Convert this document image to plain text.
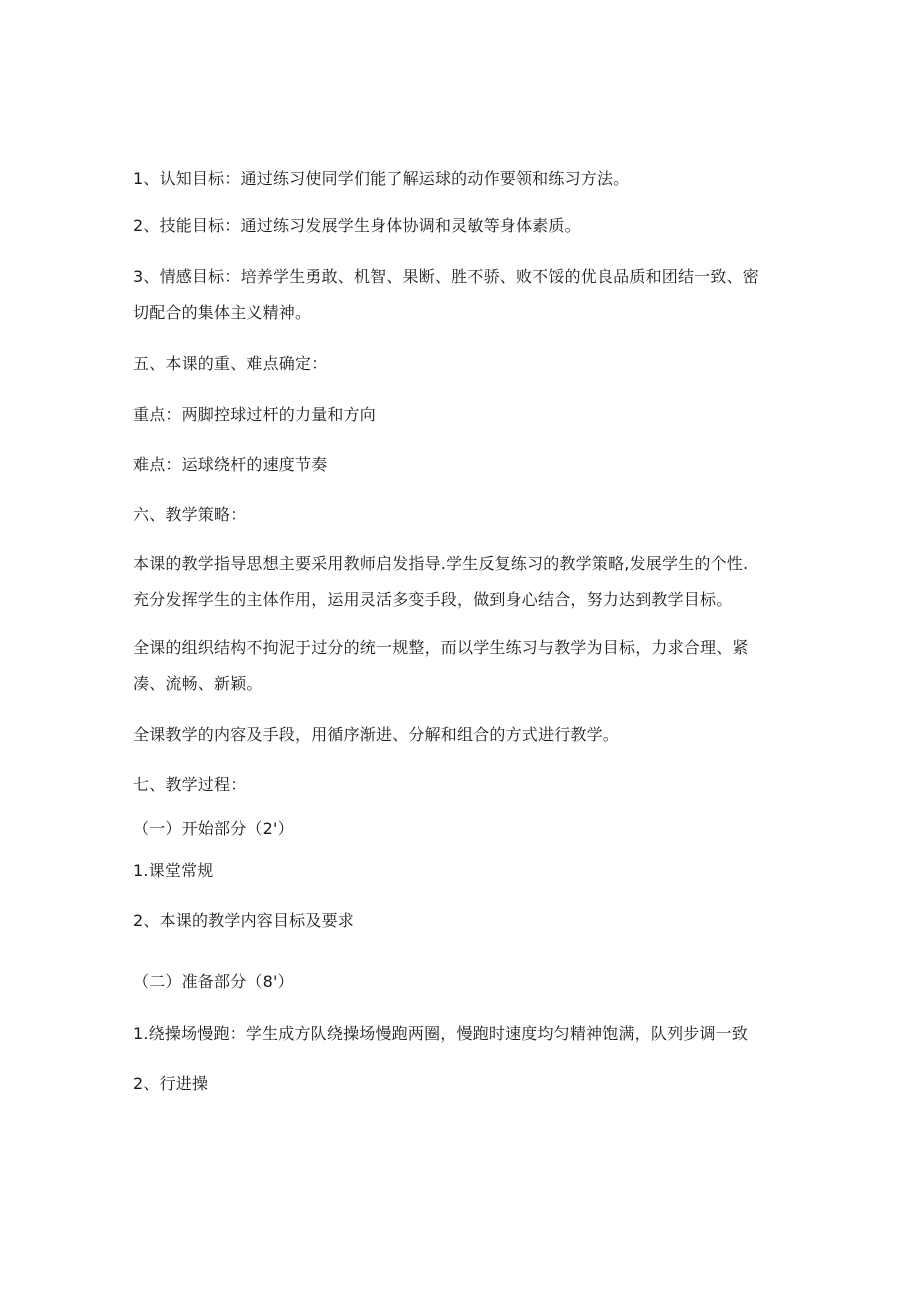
1、认知目标：通过练习使同学们能了解运球的动作要领和练习方法。
2、技能目标：通过练习发展学生身体协调和灵敏等身体素质。
3、情感目标：培养学生勇敢、机智、果断、胜不骄、败不馁的优良品质和团结一致、密
切配合的集体主义精神。
五、本课的重、难点确定：
重点：两脚控球过杆的力量和方向
难点：运球绕杆的速度节奏
六、教学策略：
本课的教学指导思想主要采用教师启发指导.学生反复练习的教学策略,发展学生的个性.
充分发挥学生的主体作用，运用灵活多变手段，做到身心结合，努力达到教学目标。
全课的组织结构不拘泥于过分的统一规整，而以学生练习与教学为目标，力求合理、紧
凑、流畅、新颖。
全课教学的内容及手段，用循序渐进、分解和组合的方式进行教学。
七、教学过程：
（一）开始部分（2'）
1.课堂常规
2、本课的教学内容目标及要求
（二）准备部分（8'）
1.绕操场慢跑：学生成方队绕操场慢跑两圈，慢跑时速度均匀精神饱满，队列步调一致
2、行进操
